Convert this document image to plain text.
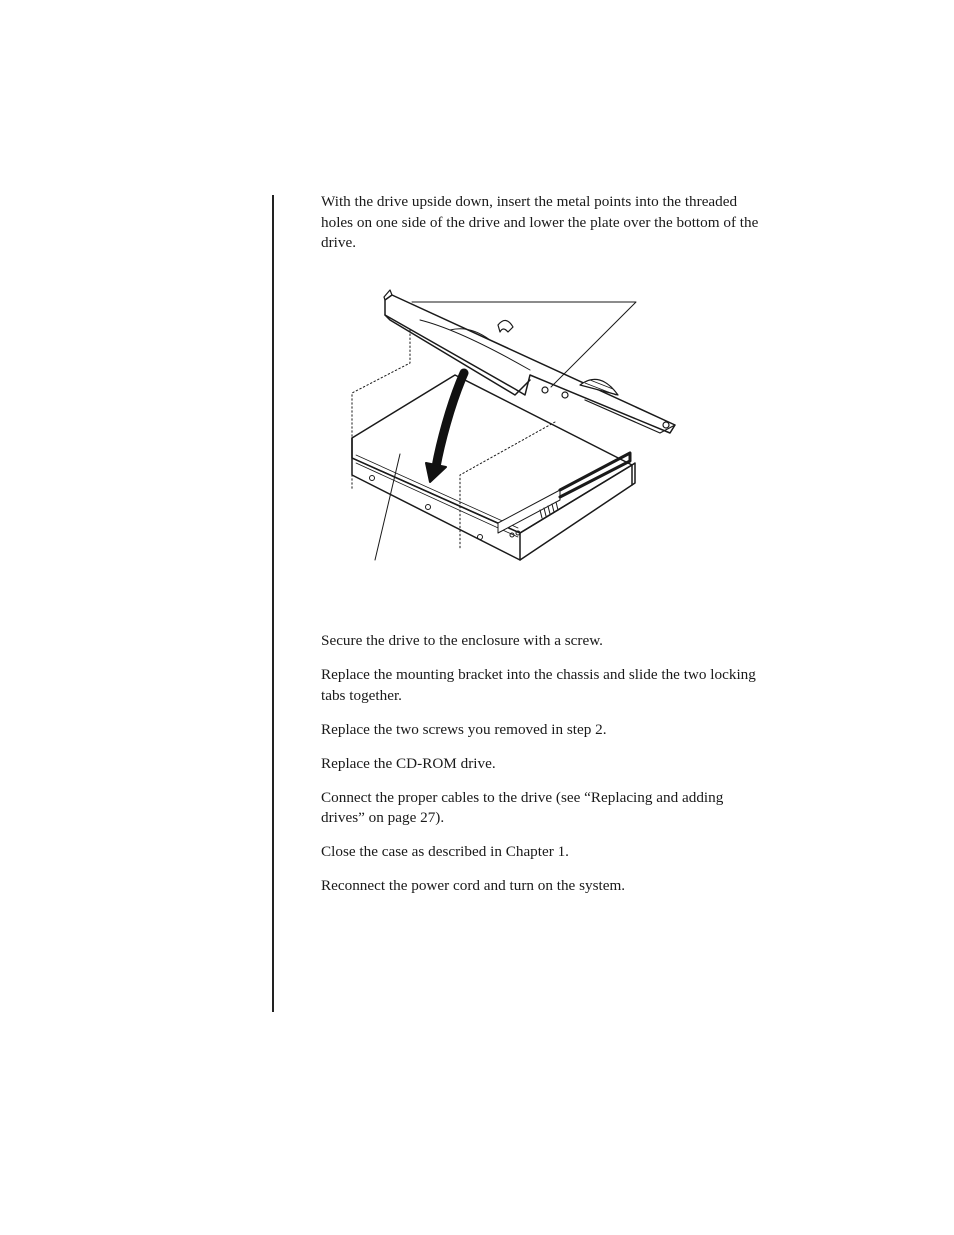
With the drive upside down, insert the metal points into the threaded holes on one side of the drive and lower the plate over the bottom of the drive.

Secure the drive to the enclosure with a screw.

Replace the mounting bracket into the chassis and slide the two locking tabs together.

Replace the two screws you removed in step 2.

Replace the CD-ROM drive.

Connect the proper cables to the drive (see “Replacing and adding drives” on page 27).

Close the case as described in Chapter 1.

Reconnect the power cord and turn on the system.
